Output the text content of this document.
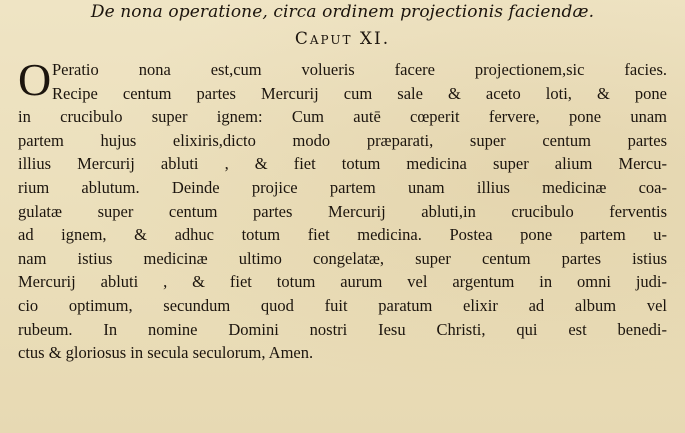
De nona operatione, circa ordinem projectionis faciendæ.
Caput XI.
O Peratio nona est,cum volueris facere projectionem,sic facies.
Recipe centum partes Mercurij cum sale & aceto loti, & pone
in crucibulo super ignem: Cum autē cœperit fervere, pone unam
partem hujus elixiris,dicto modo præparati, super centum partes
illius Mercurij abluti , & fiet totum medicina super alium Mercu-
rium ablutum. Deinde projice partem unam illius medicinæ coa-
gulatæ super centum partes Mercurij abluti,in crucibulo ferventis
ad ignem, & adhuc totum fiet medicina. Postea pone partem u-
nam istius medicinæ ultimo congelatæ, super centum partes istius
Mercurij abluti , & fiet totum aurum vel argentum in omni judi-
cio optimum, secundum quod fuit paratum elixir ad album vel
rubeum. In nomine Domini nostri Iesu Christi, qui est benedi-
ctus & gloriosus in secula seculorum, Amen.
